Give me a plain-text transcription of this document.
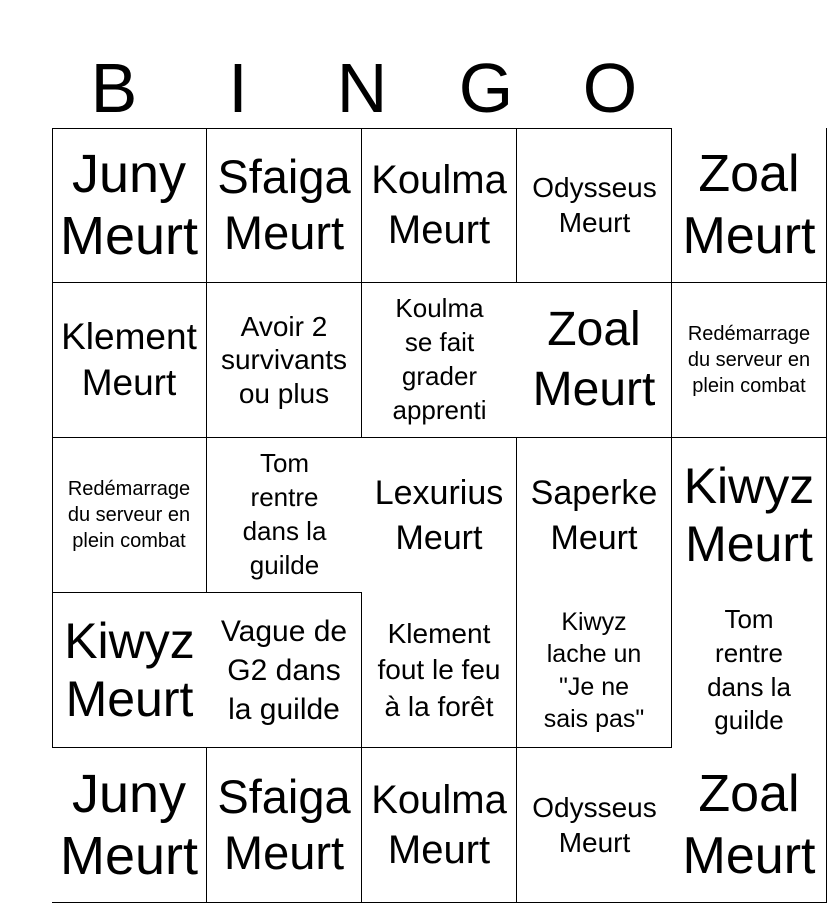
B	I	N	G O
Juny
Meurt
Sfaiga
Meurt
Koulma
Meurt
Odysseus
Meurt
Zoal
Meurt
Klement
Meurt
Avoir 2
survivants
ou plus
Koulma
se fait
grader
apprenti
Zoal
Meurt
Redémarrage
du serveur en
plein combat
Redémarrage
du serveur en
plein combat
Tom
rentre
dans la
guilde
Lexurius
Meurt
Saperke
Meurt
Kiwyz
Meurt
Kiwyz
Meurt
Vague de
G2 dans
la guilde
Klement
fout le feu
à la forêt
Kiwyz
lache un
"Je ne
sais pas"
Tom
rentre
dans la
guilde
Juny
Meurt
Sfaiga
Meurt
Koulma
Meurt
Odysseus
Meurt
Zoal
Meurt
